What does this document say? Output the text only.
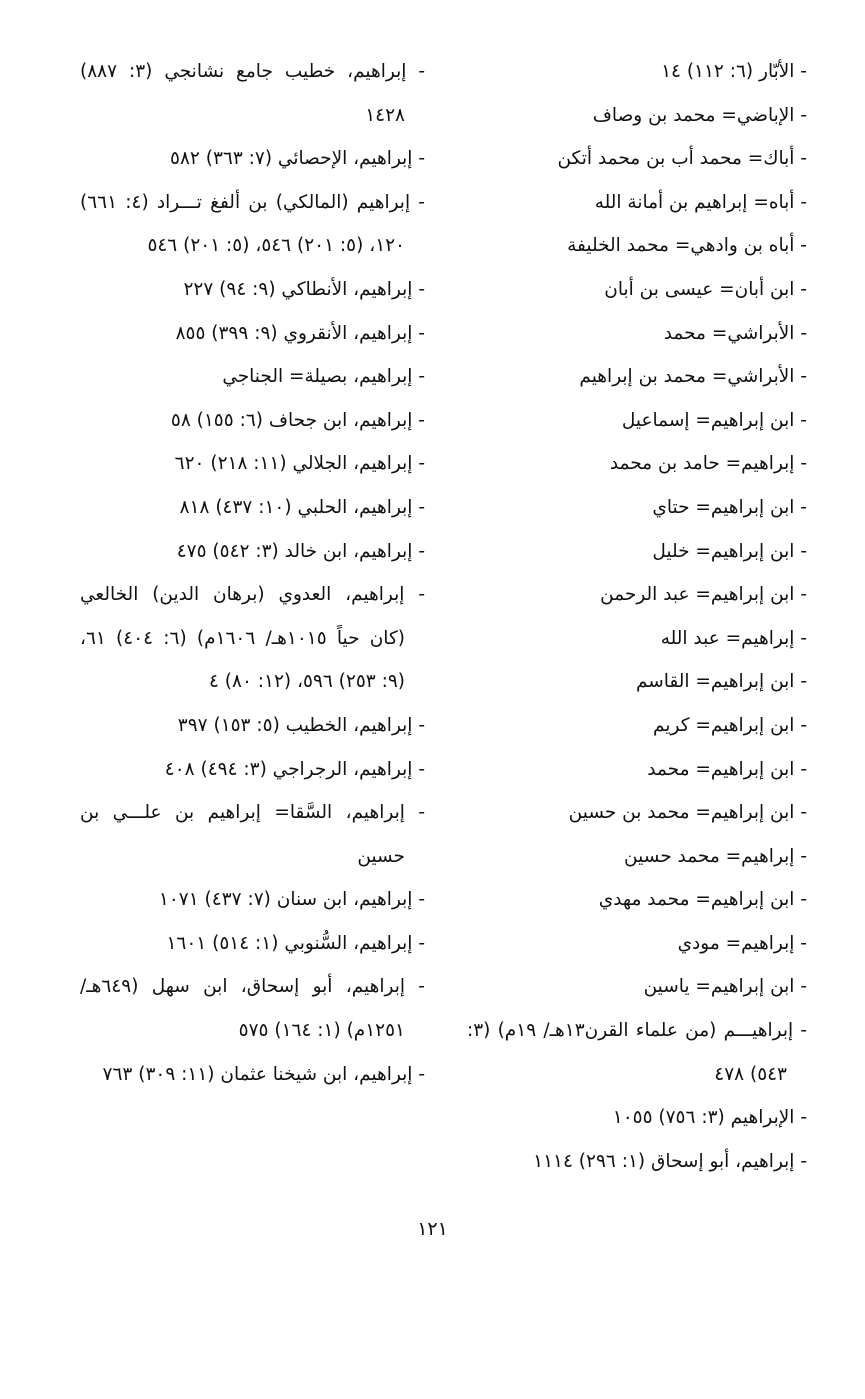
- الأبّار (٦: ١١٢) ١٤

- الإباضي= محمد بن وصاف

- أباك= محمد أب بن محمد أتكن

- أباه= إبراهيم بن أمانة الله

- أباه بن وادهي= محمد الخليفة

- ابن أبان= عيسى بن أبان

- الأبراشي= محمد

- الأبراشي= محمد بن إبراهيم

- ابن إبراهيم= إسماعيل

- إبراهيم= حامد بن محمد

- ابن إبراهيم= حتاي

- ابن إبراهيم= خليل

- ابن إبراهيم= عبد الرحمن

- إبراهيم= عبد الله

- ابن إبراهيم= القاسم

- ابن إبراهيم= كريم

- ابن إبراهيم= محمد

- ابن إبراهيم= محمد بن حسين

- إبراهيم= محمد حسين

- ابن إبراهيم= محمد مهدي

- إبراهيم= مودي

- ابن إبراهيم= ياسين

- إبراهيـــم (من علماء القرن١٣هـ/ ١٩م) (٣: ٥٤٣) ٤٧٨

- الإبراهيم (٣: ٧٥٦) ١٠٥٥

- إبراهيم، أبو إسحاق (١: ٢٩٦) ١١١٤

- إبراهيم، خطيب جامع نشانجي (٣: ٨٨٧) ١٤٢٨

- إبراهيم، الإحصائي (٧: ٣٦٣) ٥٨٢

- إبراهيم (المالكي) بن ألفغ تـــراد (٤: ٦٦١) ١٢٠، (٥: ٢٠١) ٥٤٦، (٥: ٢٠١) ٥٤٦

- إبراهيم، الأنطاكي (٩: ٩٤) ٢٢٧

- إبراهيم، الأنقروي (٩: ٣٩٩) ٨٥٥

- إبراهيم، بصيلة= الجناجي

- إبراهيم، ابن جحاف (٦: ١٥٥) ٥٨

- إبراهيم، الجلالي (١١: ٢١٨) ٦٢٠

- إبراهيم، الحلبي (١٠: ٤٣٧) ٨١٨

- إبراهيم، ابن خالد (٣: ٥٤٢) ٤٧٥

- إبراهيم، العدوي (برهان الدين) الخالعي (كان حياً ١٠١٥هـ/ ١٦٠٦م) (٦: ٤٠٤) ٦١، (٩: ٢٥٣) ٥٩٦، (١٢: ٨٠) ٤

- إبراهيم، الخطيب (٥: ١٥٣) ٣٩٧

- إبراهيم، الرجراجي (٣: ٤٩٤) ٤٠٨

- إبراهيم، السَّقا= إبراهيم بن علـــي بن حسين

- إبراهيم، ابن سنان (٧: ٤٣٧) ١٠٧١

- إبراهيم، السُّنوبي (١: ٥١٤) ١٦٠١

- إبراهيم، أبو إسحاق، ابن سهل (٦٤٩هـ/ ١٢٥١م) (١: ١٦٤) ٥٧٥

- إبراهيم، ابن شيخنا عثمان (١١: ٣٠٩) ٧٦٣

١٢١
